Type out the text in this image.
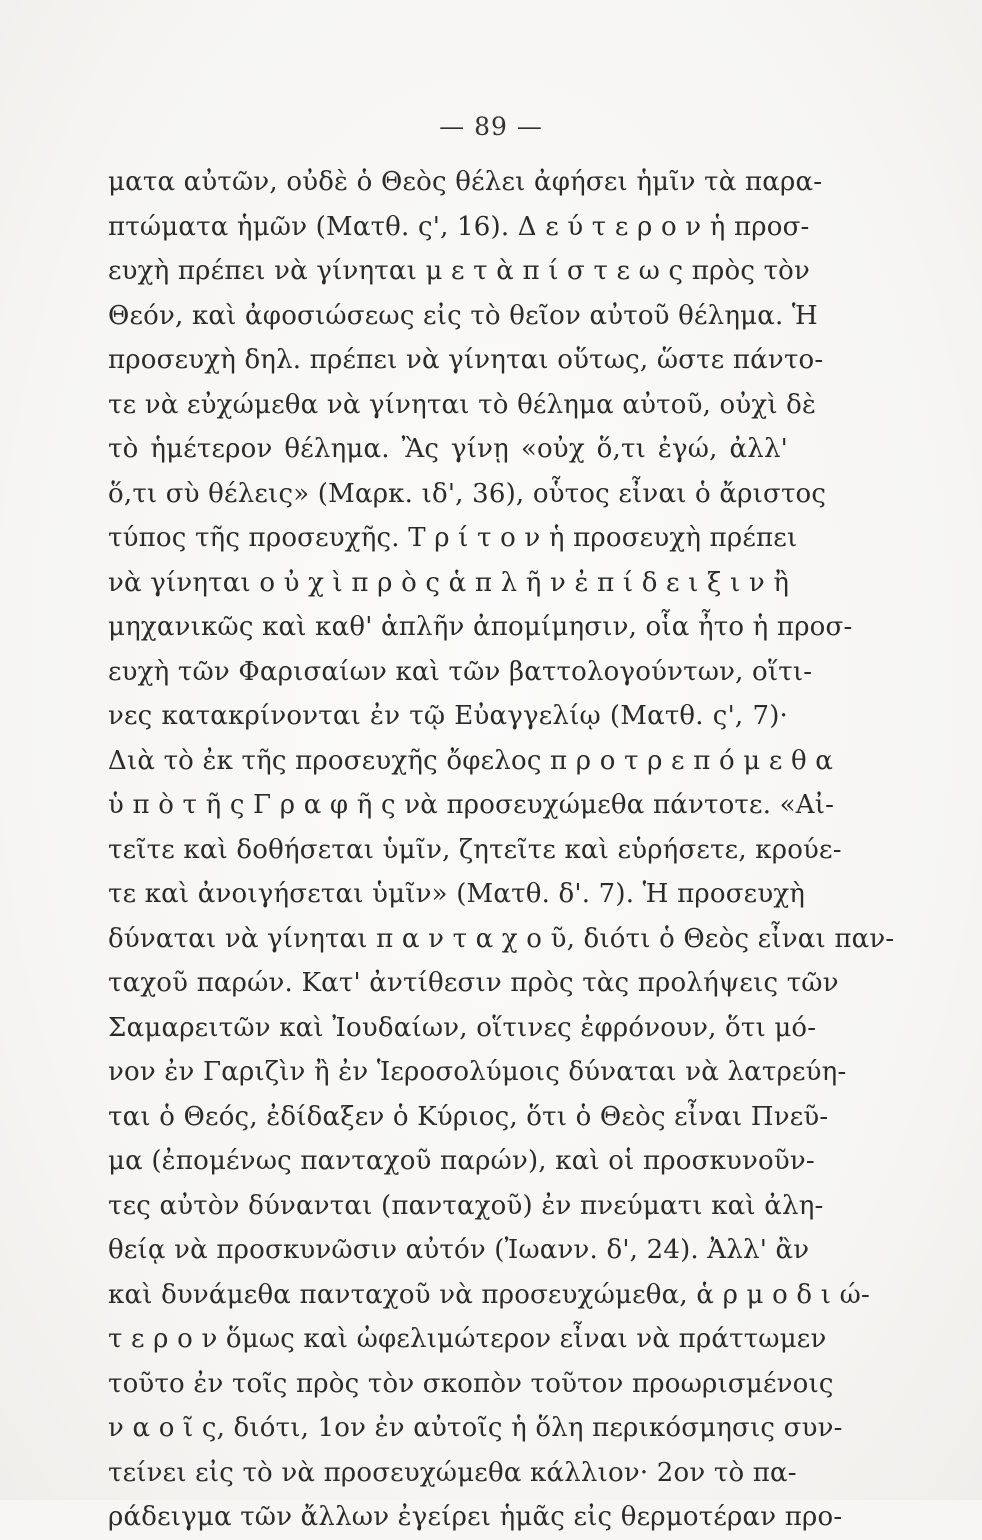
— 89 —
ματα αὐτῶν, οὐδὲ ὁ Θεὸς θέλει ἀφήσει ἡμῖν τὰ παρα-
πτώματα ἡμῶν (Ματθ. ς', 16). Δ ε ύ τ ε ρ ο ν ἡ προσ-
ευχὴ πρέπει νὰ γίνηται μ ε τ ὰ π ί σ τ ε ω ς πρὸς τὸν
Θεόν, καὶ ἀφοσιώσεως εἰς τὸ θεῖον αὐτοῦ θέλημα. Ἡ
προσευχὴ δηλ. πρέπει νὰ γίνηται οὕτως, ὥστε πάντο-
τε νὰ εὐχώμεθα νὰ γίνηται τὸ θέλημα αὐτοῦ, οὐχὶ δὲ
τὸ ἡμέτερον θέλημα. Ἂς γίνῃ «οὐχ ὅ,τι ἐγώ, ἀλλ'
ὅ,τι σὺ θέλεις» (Μαρκ. ιδ', 36), οὗτος εἶναι ὁ ἄριστος
τύπος τῆς προσευχῆς. Τ ρ ί τ ο ν ἡ προσευχὴ πρέπει
νὰ γίνηται ο ὐ χ ὶ π ρ ὸ ς ἁ π λ ῆ ν ἐ π ί δ ε ι ξ ι ν ἢ
μηχανικῶς καὶ καθ' ἁπλῆν ἀπομίμησιν, οἷα ἦτο ἡ προσ-
ευχὴ τῶν Φαρισαίων καὶ τῶν βαττολογούντων, οἵτι-
νες κατακρίνονται ἐν τῷ Εὐαγγελίῳ (Ματθ. ς', 7)·
Διὰ τὸ ἐκ τῆς προσευχῆς ὄφελος π ρ ο τ ρ ε π ό μ ε θ α
ὑ π ὸ τ ῆ ς Γ ρ α φ ῆ ς νὰ προσευχώμεθα πάντοτε. «Αἰ-
τεῖτε καὶ δοθήσεται ὑμῖν, ζητεῖτε καὶ εὑρήσετε, κρούε-
τε καὶ ἀνοιγήσεται ὑμῖν» (Ματθ. δ'. 7). Ἡ προσευχὴ
δύναται νὰ γίνηται π α ν τ α χ ο ῦ, διότι ὁ Θεὸς εἶναι παν-
ταχοῦ παρών. Κατ' ἀντίθεσιν πρὸς τὰς προλήψεις τῶν
Σαμαρειτῶν καὶ Ἰουδαίων, οἵτινες ἐφρόνουν, ὅτι μό-
νον ἐν Γαριζὶν ἢ ἐν Ἱεροσολύμοις δύναται νὰ λατρεύη-
ται ὁ Θεός, ἐδίδαξεν ὁ Κύριος, ὅτι ὁ Θεὸς εἶναι Πνεῦ-
μα (ἐπομένως πανταχοῦ παρών), καὶ οἱ προσκυνοῦν-
τες αὐτὸν δύνανται (πανταχοῦ) ἐν πνεύματι καὶ ἀλη-
θείᾳ νὰ προσκυνῶσιν αὐτόν (Ἰωανν. δ', 24). Ἀλλ' ἂν
καὶ δυνάμεθα πανταχοῦ νὰ προσευχώμεθα, ἁ ρ μ ο δ ι ώ-
τ ε ρ ο ν ὅμως καὶ ὠφελιμώτερον εἶναι νὰ πράττωμεν
τοῦτο ἐν τοῖς πρὸς τὸν σκοπὸν τοῦτον προωρισμένοις
ν α ο ῖ ς, διότι, 1ον ἐν αὐτοῖς ἡ ὅλη περικόσμησις συν-
τείνει εἰς τὸ νὰ προσευχώμεθα κάλλιον· 2ον τὸ πα-
ράδειγμα τῶν ἄλλων ἐγείρει ἡμᾶς εἰς θερμοτέραν προ-
